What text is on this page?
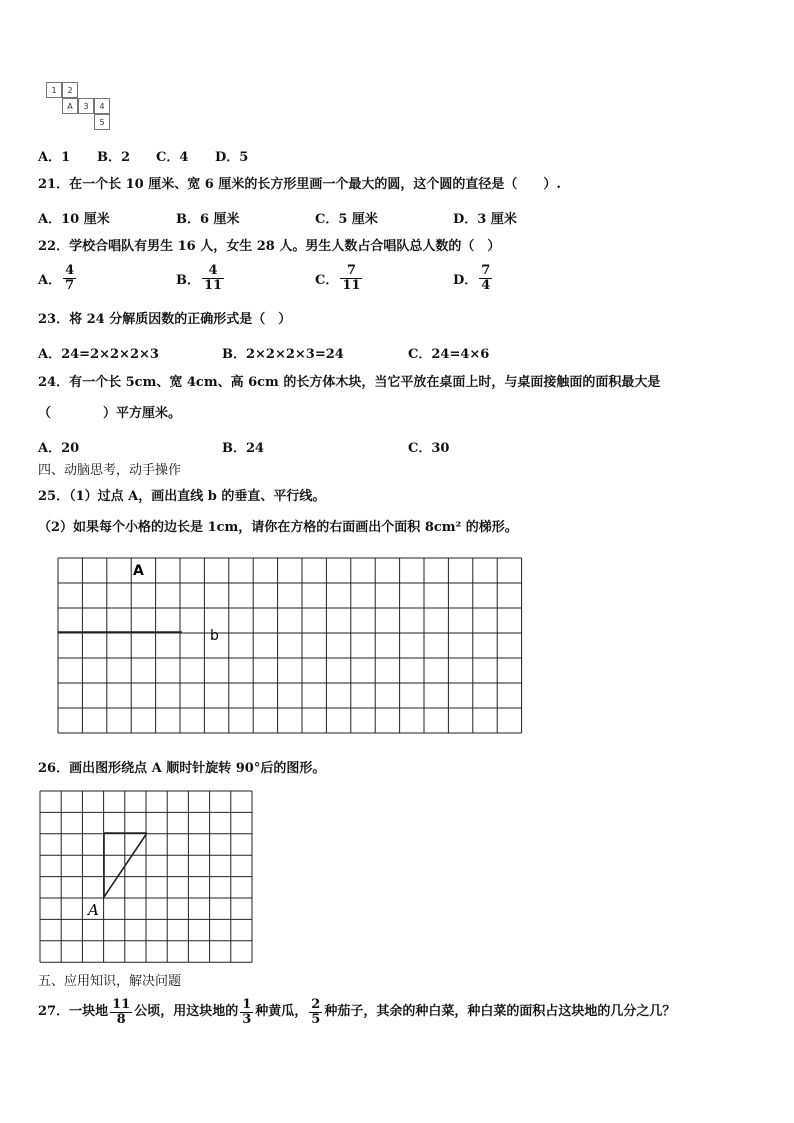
1	2
A	3	4
5
A．1 B．2 C．4 D．5
21．在一个长 10 厘米、宽 6 厘米的长方形里画一个最大的圆，这个圆的直径是（　　）.
A．10 厘米	B．6 厘米	C．5 厘米	D．3 厘米
22．学校合唱队有男生 16 人，女生 28 人。男生人数占合唱队总人数的（　）
A． $\frac{4}{7}$	B． $\frac{4}{11}$	C． $\frac{7}{11}$	D． $\frac{7}{4}$
23．将 24 分解质因数的正确形式是（　）
A．24=2×2×2×3	B．2×2×2×3=24	C．24=4×6
24．有一个长 5cm、宽 4cm、高 6cm 的长方体木块，当它平放在桌面上时，与桌面接触面的面积最大是
（　　　　）平方厘米。
A．20	B．24	C．30
四、动脑思考，动手操作
25．（1）过点 A，画出直线 b 的垂直、平行线。
（2）如果每个小格的边长是 1cm，请你在方格的右面画出个面积 8cm² 的梯形。
A
b
26．画出图形绕点 A 顺时针旋转 90°后的图形。
A
五、应用知识，解决问题
27．一块地 $\frac{11}{8}$ 公顷，用这块地的 $\frac{1}{3}$ 种黄瓜， $\frac{2}{5}$ 种茄子，其余的种白菜，种白菜的面积占这块地的几分之几？
